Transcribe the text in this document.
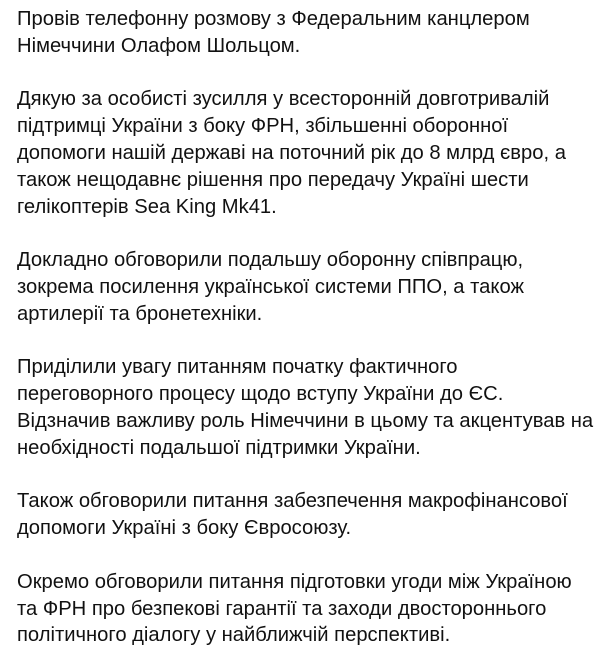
Провів телефонну розмову з Федеральним канцлером Німеччини Олафом Шольцом.

Дякую за особисті зусилля у всесторонній довготривалій підтримці України з боку ФРН, збільшенні оборонної допомоги нашій державі на поточний рік до 8 млрд євро, а також нещодавнє рішення про передачу Україні шести гелікоптерів Sea King Mk41.

Докладно обговорили подальшу оборонну співпрацю, зокрема посилення української системи ППО, а також артилерії та бронетехніки.

Приділили увагу питанням початку фактичного переговорного процесу щодо вступу України до ЄС. Відзначив важливу роль Німеччини в цьому та акцентував на необхідності подальшої підтримки України.

Також обговорили питання забезпечення макрофінансової допомоги Україні з боку Євросоюзу.

Окремо обговорили питання підготовки угоди між Україною та ФРН про безпекові гарантії та заходи двостороннього політичного діалогу у найближчій перспективі.
